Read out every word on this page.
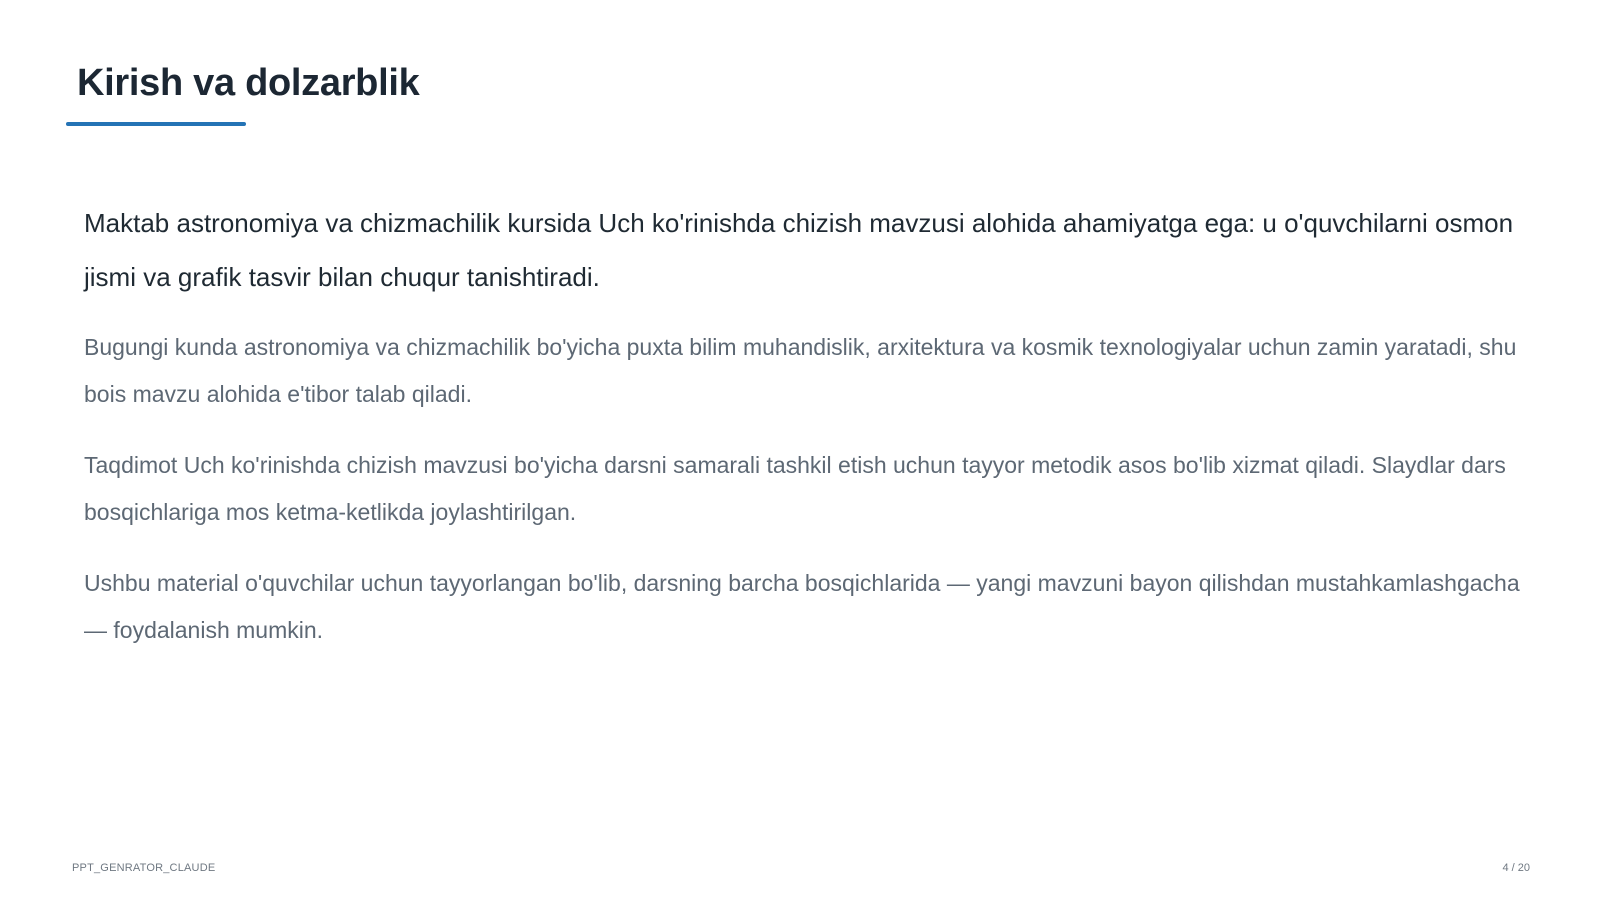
Kirish va dolzarblik

Maktab astronomiya va chizmachilik kursida Uch ko'rinishda chizish mavzusi alohida ahamiyatga ega: u o'quvchilarni osmon jismi va grafik tasvir bilan chuqur tanishtiradi.

Bugungi kunda astronomiya va chizmachilik bo'yicha puxta bilim muhandislik, arxitektura va kosmik texnologiyalar uchun zamin yaratadi, shu bois mavzu alohida e'tibor talab qiladi.

Taqdimot Uch ko'rinishda chizish mavzusi bo'yicha darsni samarali tashkil etish uchun tayyor metodik asos bo'lib xizmat qiladi. Slaydlar dars bosqichlariga mos ketma-ketlikda joylashtirilgan.

Ushbu material o'quvchilar uchun tayyorlangan bo'lib, darsning barcha bosqichlarida — yangi mavzuni bayon qilishdan mustahkamlashgacha — foydalanish mumkin.

PPT_GENRATOR_CLAUDE	4 / 20
